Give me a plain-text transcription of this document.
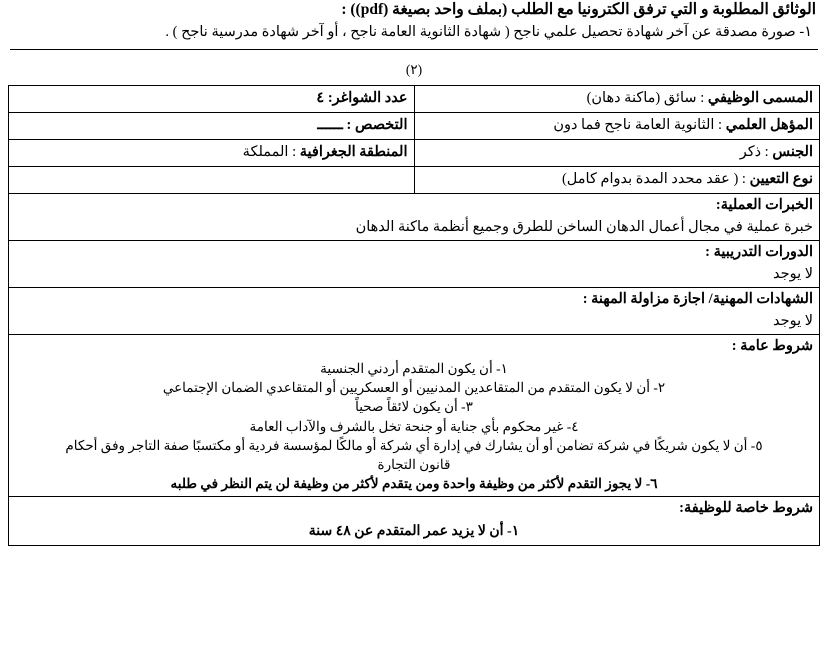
الوثائق المطلوبة و التي ترفق الكترونيا مع الطلب (بملف واحد بصيغة (pdf)) :
١- صورة مصدقة عن آخر شهادة تحصيل علمي ناجح ( شهادة الثانوية العامة ناجح ، أو آخر شهادة مدرسية ناجح ) .
(٢)
المسمى الوظيفي : سائق (ماكنة دهان)	عدد الشواغر: ٤
المؤهل العلمي : الثانوية العامة ناجح فما دون	التخصص : ــــــ
الجنس : ذكر	المنطقة الجغرافية : المملكة
نوع التعيين : ( عقد محدد المدة بدوام كامل)	

الخبرات العملية:
خبرة عملية في مجال أعمال الدهان الساخن للطرق وجميع أنظمة ماكنة الدهان	

الدورات التدريبية :
لا يوجد	

الشهادات المهنية/ اجازة مزاولة المهنة :
لا يوجد	

شروط عامة :
١- أن يكون المتقدم أردني الجنسية
٢- أن لا يكون المتقدم من المتقاعدين المدنيين أو العسكريين أو المتقاعدي الضمان الإجتماعي
٣- أن يكون لائقاً صحياً
٤- غير محكوم بأي جناية أو جنحة تخل بالشرف والآداب العامة
٥- أن لا يكون شريكًا في شركة تضامن أو أن يشارك في إدارة أي شركة أو مالكًا لمؤسسة فردية أو مكتسبًا صفة التاجر وفق أحكام
قانون التجارة
٦- لا يجوز التقدم لأكثر من وظيفة واحدة ومن يتقدم لأكثر من وظيفة لن يتم النظر في طلبه

شروط خاصة للوظيفة:
١- أن لا يزيد عمر المتقدم عن ٤٨ سنة
